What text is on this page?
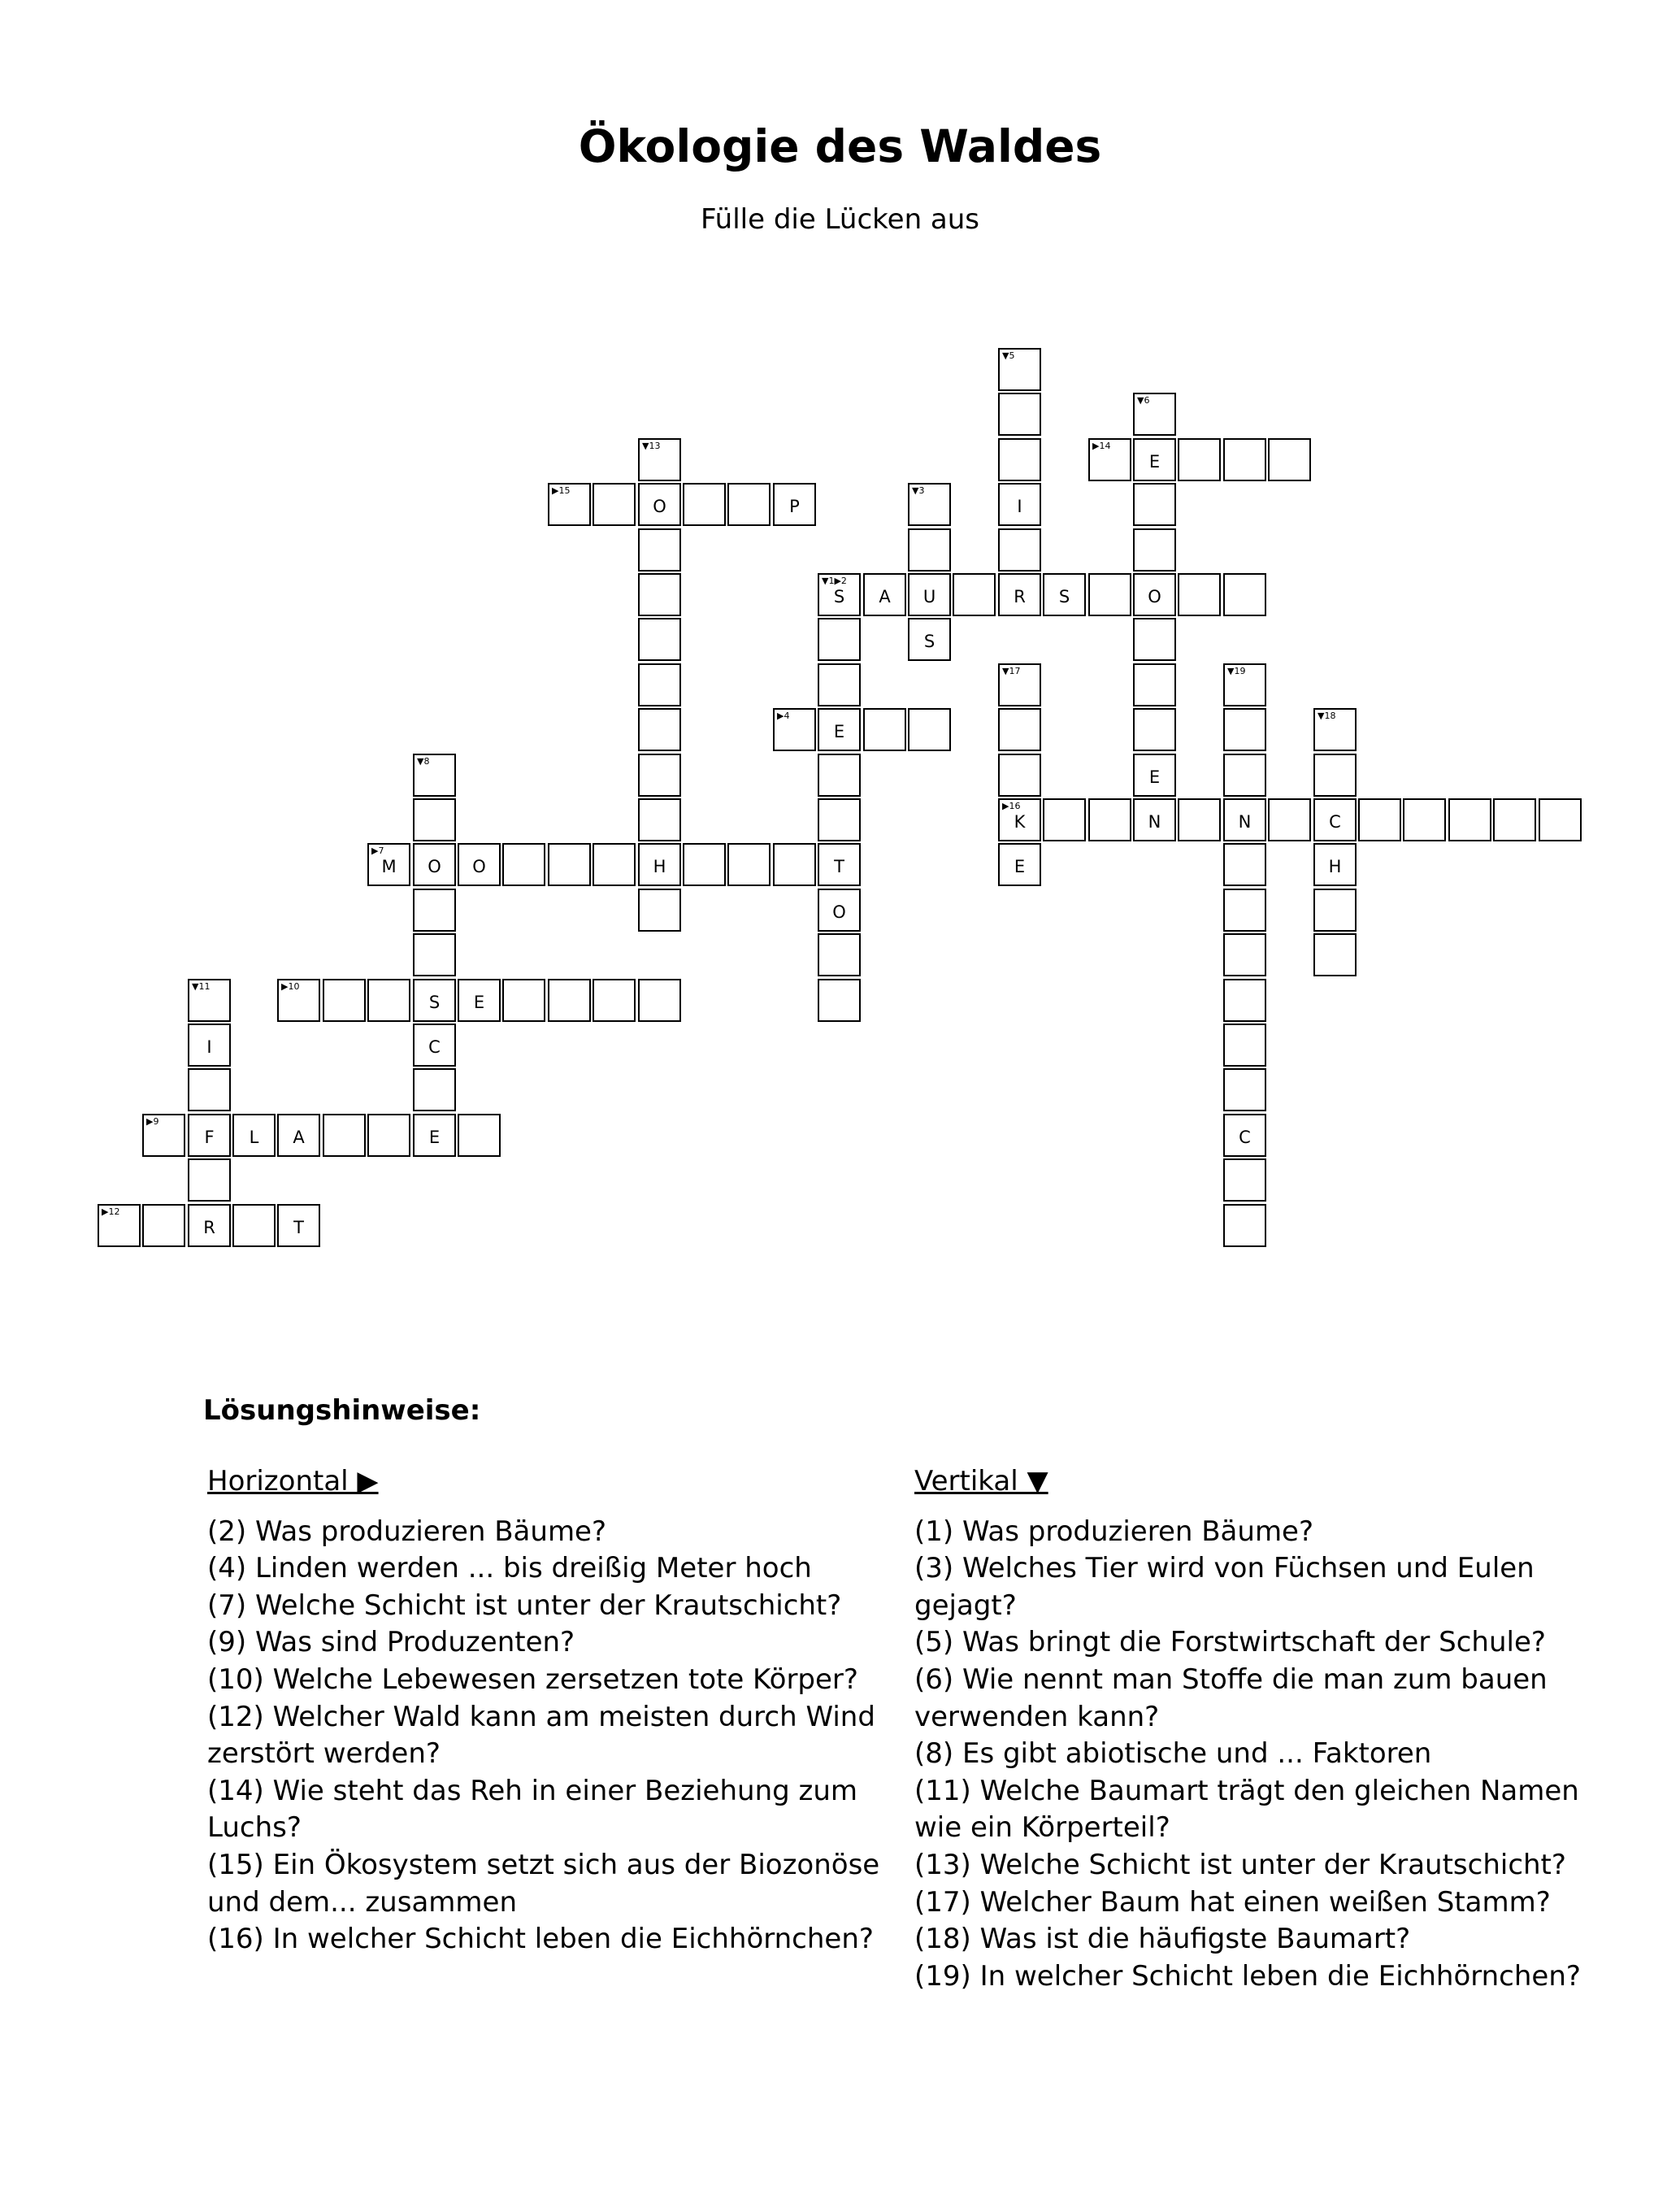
Ökologie des Waldes
Fülle die Lücken aus
▼5
▼6
▼13	▶14
E
▶15
O	P
▼3
I
▼1▶2
S	A	U	R	S	O
S
▼17	▼19
▶4
E
▼18
▼8
E
▶16
K	N	N	C
▶7
M	O	O	H	T	E	H
O
▼11	▶10
S	E
I	C
▶9
F	L	A	E	C
▶12
R	T
Lösungshinweise:
Horizontal ▶
(2) Was produzieren Bäume?
(4) Linden werden ... bis dreißig Meter hoch
(7) Welche Schicht ist unter der Krautschicht?
(9) Was sind Produzenten?
(10) Welche Lebewesen zersetzen tote Körper?
(12) Welcher Wald kann am meisten durch Wind zerstört werden?
(14) Wie steht das Reh in einer Beziehung zum Luchs?
(15) Ein Ökosystem setzt sich aus der Biozonöse und dem... zusammen
(16) In welcher Schicht leben die Eichhörnchen?
Vertikal ▼
(1) Was produzieren Bäume?
(3) Welches Tier wird von Füchsen und Eulen gejagt?
(5) Was bringt die Forstwirtschaft der Schule?
(6) Wie nennt man Stoffe die man zum bauen verwenden kann?
(8) Es gibt abiotische und ... Faktoren
(11) Welche Baumart trägt den gleichen Namen wie ein Körperteil?
(13) Welche Schicht ist unter der Krautschicht?
(17) Welcher Baum hat einen weißen Stamm?
(18) Was ist die häufigste Baumart?
(19) In welcher Schicht leben die Eichhörnchen?
